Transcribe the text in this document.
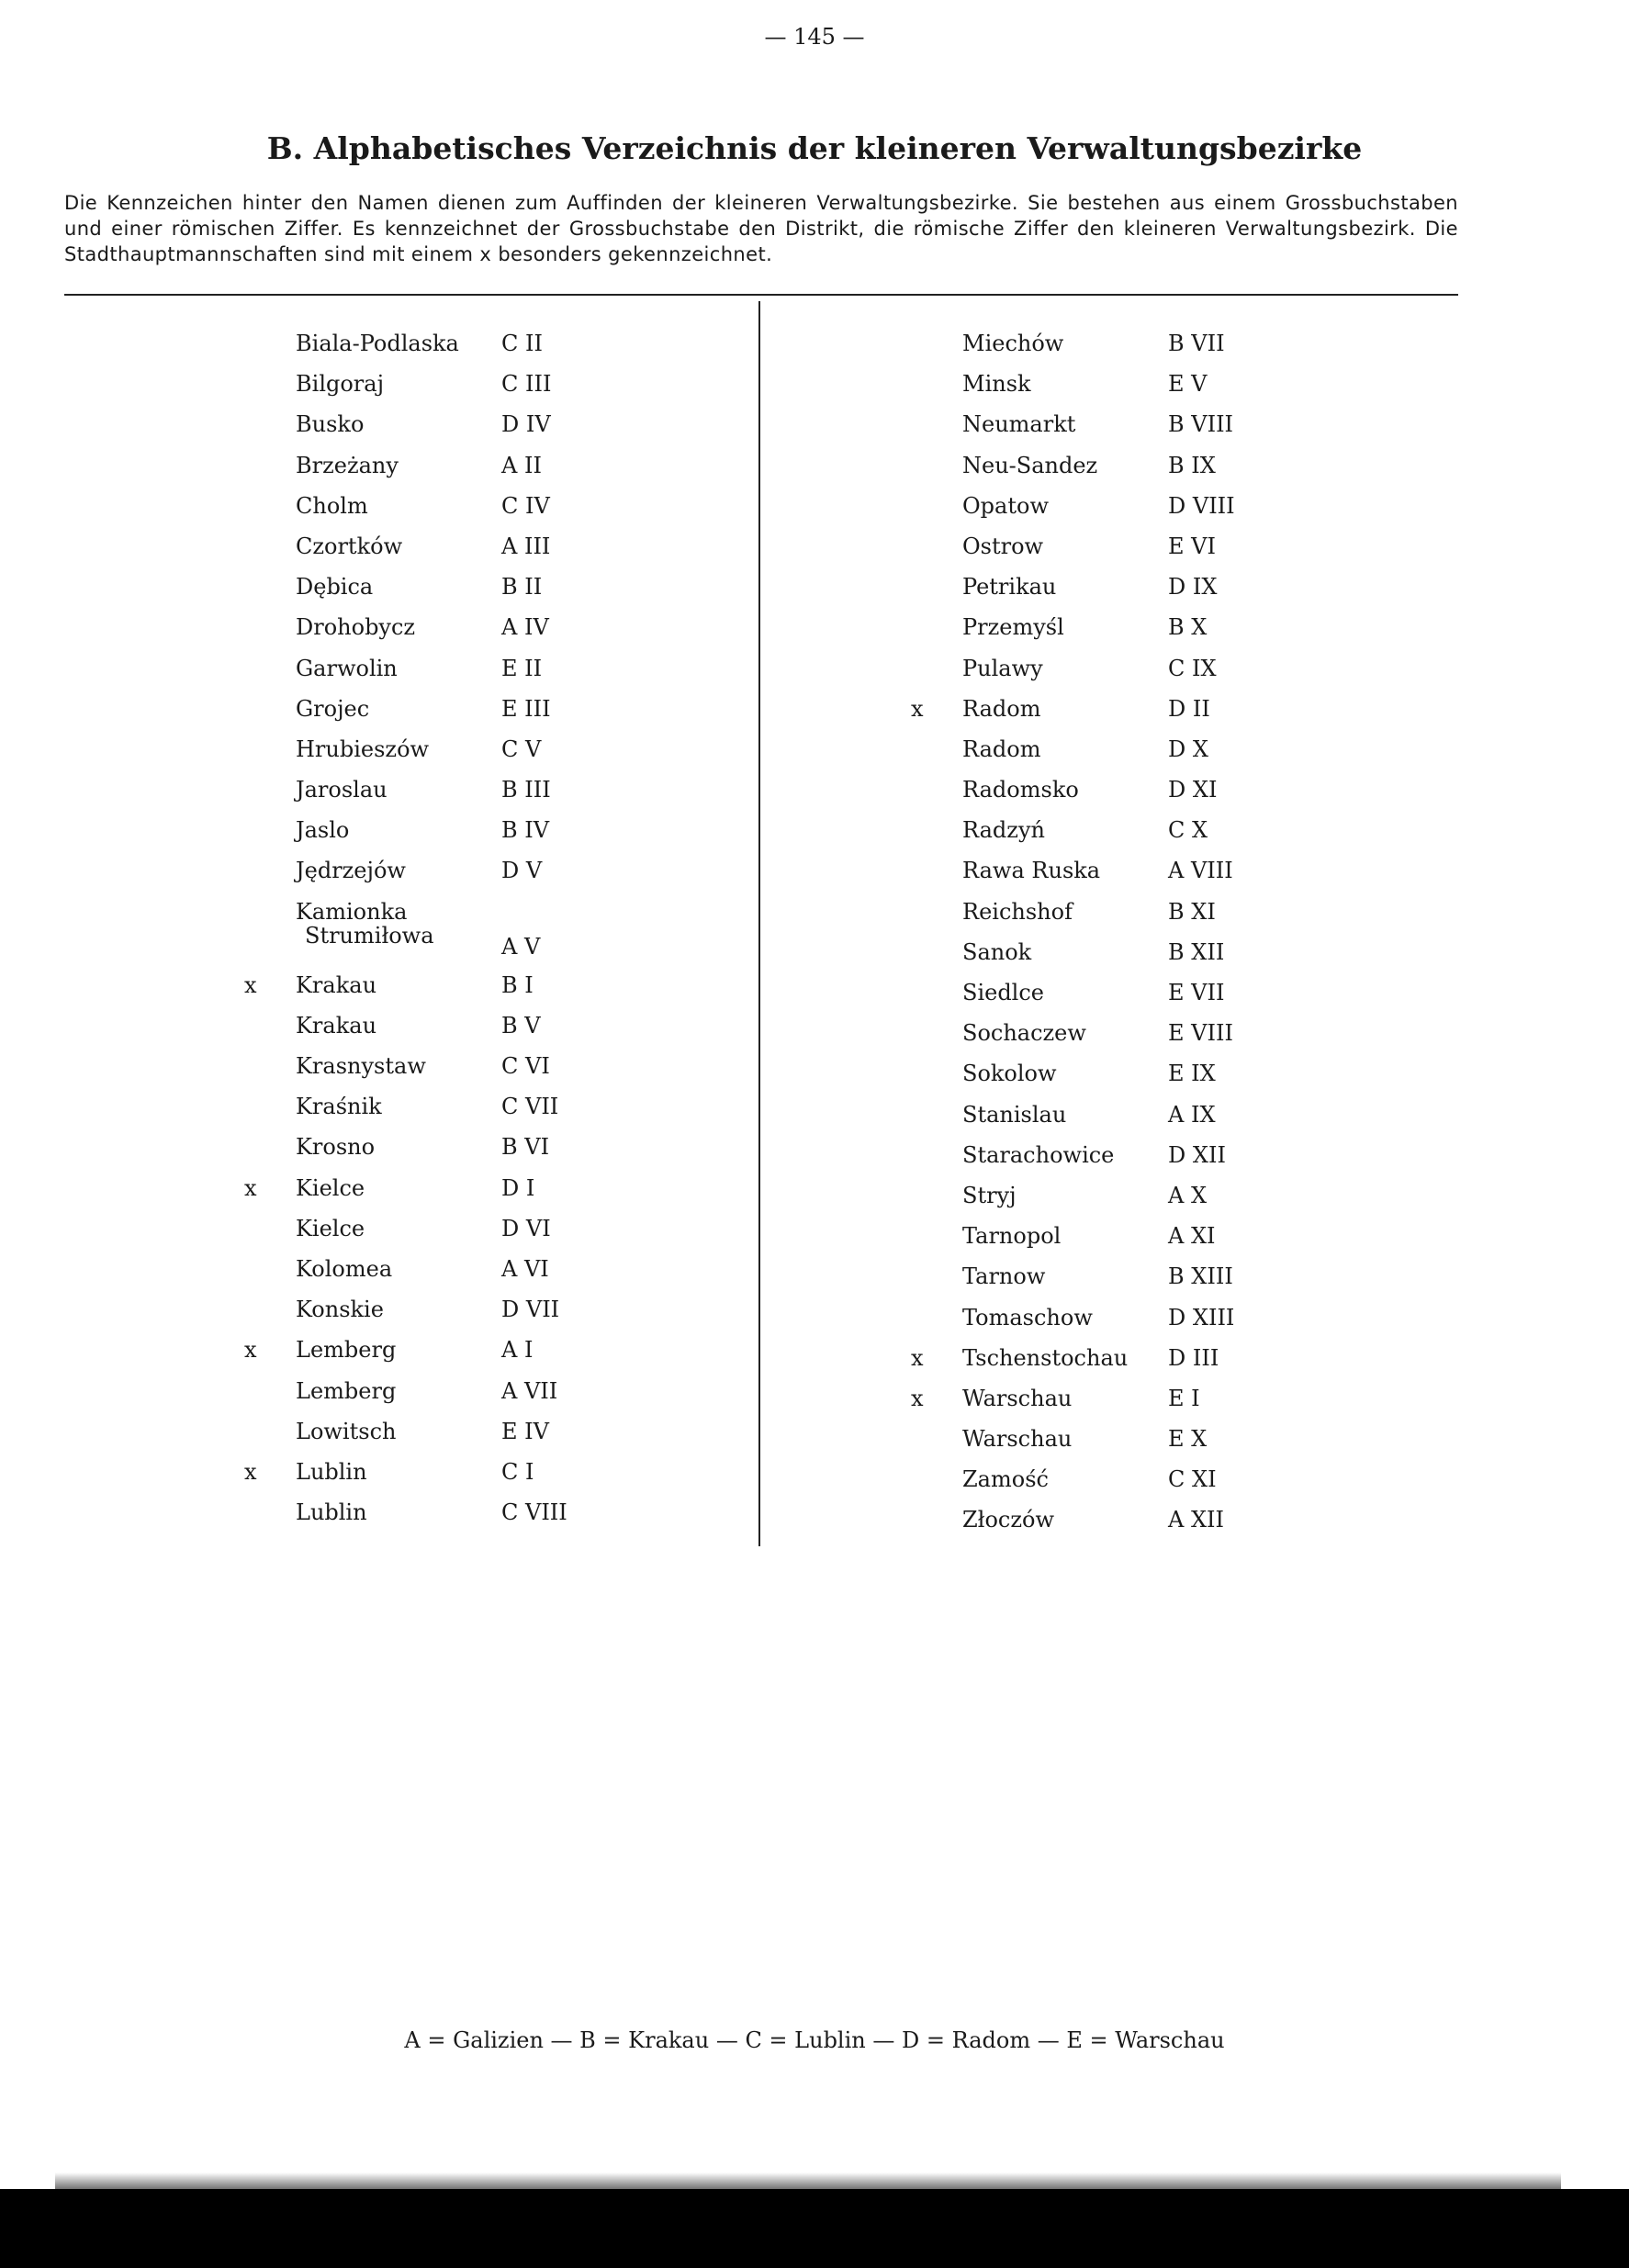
— 145 —
B. Alphabetisches Verzeichnis der kleineren Verwaltungsbezirke
Die Kennzeichen hinter den Namen dienen zum Auffinden der kleineren Verwaltungsbezirke. Sie bestehen aus einem Grossbuchstaben und einer römischen Ziffer. Es kennzeichnet der Grossbuchstabe den Distrikt, die römische Ziffer den kleineren Verwaltungsbezirk. Die Stadthauptmannschaften sind mit einem x besonders gekennzeichnet.
Biala-Podlaska C II
Bilgoraj	C III
Busko	D IV
Brzeżany	A II
Cholm	C IV
Czortków	A III
Dębica	B II
Drohobycz	A IV
Garwolin	E II
Grojec	E III
Hrubieszów	C V
Jaroslau	B III
Jaslo	B IV
Jędrzejów	D V
Kamionka
Strumiłowa	A V
x Krakau	B I
Krakau	B V
Krasnystaw	C VI
Kraśnik	C VII
Krosno	B VI
x Kielce	D I
Kielce	D VI
Kolomea	A VI
Konskie	D VII
x Lemberg	A I
Lemberg	A VII
Lowitsch	E IV
x Lublin	C I
Lublin	C VIII
Miechów	B VII
Minsk	E V
Neumarkt	B VIII
Neu-Sandez	B IX
Opatow	D VIII
Ostrow	E VI
Petrikau	D IX
Przemyśl	B X
Pulawy	C IX
x Radom	D II
Radom	D X
Radomsko	D XI
Radzyń	C X
Rawa Ruska	A VIII
Reichshof	B XI
Sanok	B XII
Siedlce	E VII
Sochaczew	E VIII
Sokolow	E IX
Stanislau	A IX
Starachowice D XII
Stryj	A X
Tarnopol	A XI
Tarnow	B XIII
Tomaschow	D XIII
x Tschenstochau D III
x Warschau	E I
Warschau	E X
Zamość	C XI
Złoczów	A XII
A = Galizien — B = Krakau — C = Lublin — D = Radom — E = Warschau
